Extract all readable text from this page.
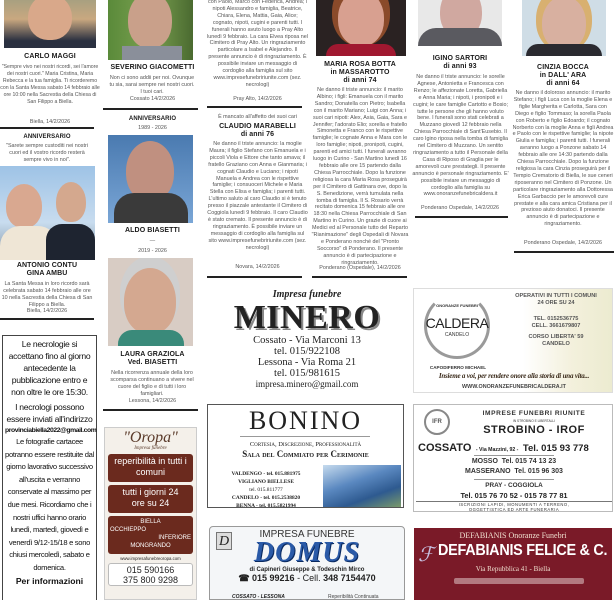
CARLO MAGGI
"Sempre vivo nei nostri ricordi, sei l'amore dei nostri cuori." Maria Cristina, Maria Rebecca e la tua famiglia. Ti ricorderemo con la Santa Messa sabato 14 febbraio alle ore 10:00 nella Sacrestia della Chiesa di San Filippo a Biella.
Biella, 14/2/2026
ANNIVERSARIO
"Sarete sempre custoditi nei nostri cuori ed il vostro ricordo resterà sempre vivo in noi".
ANTONIO CONTU
GINA AMBU
La Santa Messa in loro ricordo sarà celebrata sabato 14 febbraio alle ore 10 nella Sacrestia della Chiesa di San Filippo a Biella.
Biella, 14/2/2026
Le necrologie si accettano fino al giorno antecedente la pubblicazione entro e non oltre le ore 15:30.
I necrologi possono essere inviati all'indirizzo
provinciabiella2022@gmail.com
Le fotografie cartacee potranno essere restituite dal giorno lavorativo successivo all'uscita e verranno conservate al massimo per due mesi. Ricordiamo che i nostri uffici hanno orario lunedì, martedì, giovedì e venerdì 9/12-15/18 e sono chiusi mercoledì, sabato e domenica.
Per informazioni
SEVERINO GIACOMETTI
Non ci sono addii per noi. Ovunque tu sia, sarai sempre nei nostri cuori. I tuoi cari.
Cossato 14/2/2026
ANNIVERSARIO
1989 - 2026
ALDO BIASETTI
—
2019 - 2026
LAURA GRAZIOLA
Ved. BIASETTI
Nella ricorrenza annuale della loro scomparsa continuano a vivere nel cuore del figlio e di tutti i loro famigliari.
Lessona, 14/2/2026
"Oropa"
Impresa funebre
reperibilità in tutti i comuni
tutti i giorni 24 ore su 24
BIELLA
OCCHIEPPO
INFERIORE
MONGRANDO
www.impresafunebreoropa.com
015 590166
375 800 9298
con Paolo, Marco con Federica, Andrea; i nipoti Alessandro e famiglia, Beatrice, Chiara, Elena, Mattia, Gaia, Alice; cognato, nipoti, cugini e parenti tutti. I funerali hanno avuto luogo a Pray Alto lunedì 9 febbraio. La cara Elvea riposa nel Cimitero di Pray Alto. Un ringraziamento particolare a Isabel e Alejandro. Il presente annuncio è di ringraziamento. È possibile inviare un messaggio di cordoglio alla famiglia sul sito www.impresefunebririunite.com (sez. necrologi)
Pray Alto, 14/2/2026
È mancato all'affetto dei suoi cari
CLAUDIO MARABELLI
di anni 76
Ne danno il triste annuncio: la moglie Maura; il figlio Stefano con Emanuela e i piccoli Viola e Ettore che tanto amava; il fratello Graziano con Anna e Gianmaria; i cognati Claudio e Luciano; i nipoti Manuela e Andrea con le rispettive famiglie; i consuoceri Michele e Maria Stella con Elisa e famiglia; i parenti tutti. L'ultimo saluto al caro Claudio si è tenuto presso il piazzale antestante il Cimitero di Coggiola lunedì 9 febbraio. Il caro Claudio è stato cremato. Il presente annuncio è di ringraziamento. È possibile inviare un messaggio di cordoglio alla famiglia sul sito www.impresefunebririunite.com (sez. necrologi)
Novara, 14/2/2026
Impresa funebre
MINERO
Cossato - Via Marconi 13
tel. 015/922108
Lessona - Via Roma 21
tel. 015/981615
impresa.minero@gmail.com
BONINO
Cortesia, Discrezione, Professionalità
Sala del Commiato per Cerimonie
VALDENGO - tel. 015.881975
VIGLIANO BIELLESE
tel. 015.811777
CANDELO - tel. 015.2538820
BENNA - tel. 015.5821994
D	IMPRESA FUNEBRE
DOMUS
di Capineri Giuseppe & Todeschin Mirco
☎ 015 99216 - Cell. 348 7154470
COSSATO - LESSONA	Reperibilità Continuata
MARIA ROSA BOTTA
in MASSAROTTO
di anni 74
Ne danno il triste annuncio: il marito Albino; i figli: Emanuela con il marito Sandro; Donatella con Pietro; Isabella con il marito Mariano; Luigi con Anna; i suoi cari nipoti: Alex, Asia, Gaia, Sara e Jennifer; l'adorato Elio; sorella e fratello Simonetta e Franco con le rispettive famiglie; le cognate Anna e Mara con le loro famiglie; nipoti, pronipoti, cugini, parenti ed amici tutti. I funerali avranno luogo in Curino - San Martino lunedì 16 febbraio alle ore 15 partendo dalla Chiesa Parrocchiale. Dopo la funzione religiosa la cara Maria Rosa proseguirà per il Cimitero di Gattinara ove, dopo la S. Benedizione, verrà tumulata nella tomba di famiglia. Il S. Rosario verrà recitato domenica 15 febbraio alle ore 18:30 nella Chiesa Parrocchiale di San Martino in Curino. Un grazie di cuore ai Medici ed al Personale tutto del Reparto "Rianimazione" degli Ospedali di Novara e Ponderano nonché del "Pronto Soccorso" di Ponderano. Il presente annuncio è di partecipazione e ringraziamento.
Ponderano (Ospedale), 14/2/2026
IGINO SARTORI
di anni 93
Ne danno il triste annuncio: le sorelle Agnese, Antonietta e Francesca con Renzo; le affezionate Loretta, Gabriella e Anna Maria; i nipoti, i pronipoti e i cugini; le care famiglie Cartotto e Bosio; tutte le persone che gli hanno voluto bene. I funerali sono stati celebrati a Muzzano giovedì 12 febbraio nella Chiesa Parrocchiale di Sant'Eusebio. Il caro Igino riposa nella tomba di famiglia nel Cimitero di Muzzano. Un sentito ringraziamento a tutto il Personale della Casa di Riposo di Graglia per le amorevoli cure prestategli. Il presente annuncio è personale ringraziamento. E' possibile inviare un messaggio di cordoglio alla famiglia su www.onoranzefunebricaldera.it
Ponderano Ospedale, 14/2/2026
CINZIA BOCCA
in DALL' ARA
di anni 64
Ne danno il doloroso annuncio: il marito Stefano; i figli Luca con la moglie Elena e figlie Margherita e Carlotta, Sara con Diego e figlio Tommaso; la sorella Paola con Roberto e figlio Edoardo; il cognato Norberto con la moglie Anna e figli Andrea e Paolo con le rispettive famiglie; la nipote Giulia e famiglia; i parenti tutti. I funerali avranno luogo a Ponzone sabato 14 febbraio alle ore 14:30 partendo dalla Chiesa Parrocchiale. Dopo la funzione religiosa la cara Cinzia proseguirà per il Tempio Crematorio di Biella, le sue ceneri riposeranno nel Cimitero di Ponzone. Un particolare ringraziamento alla Dottoressa Erica Garbaccio per le amorevoli cure prestate e alla cara amica Cristiana per il prezioso aiuto donatoci. Il presente annuncio è di partecipazione e ringraziamento.
Ponderano Ospedale, 14/2/2026
ONORANZE FUNEBRI
CALDERA
CANDELO
CAPODIFERRO MICHAEL
OPERATIVI IN TUTTI I COMUNI
24 ORE SU 24
TEL. 0152536775
CELL. 3661679807
CORSO LIBERTA' 59
CANDELO
Insieme a voi, per rendere onore alla storia di una vita...
WWW.ONORANZEFUNEBRICALDERA.IT
IFR
IMPRESE FUNEBRI RIUNITE
IN STROBINO E LIBERTALLI
STROBINO - IROF
COSSATO - Via Mazzini, 92 - Tel. 015 93 778
MOSSO  Tel. 015 74 13 23
MASSERANO  Tel. 015 96 303
PRAY - COGGIOLA
Tel. 015 76 70 52 - 015 78 77 81
ISCRIZIONI LAPIDI, MONUMENTI A TERRENO,
OGGETTISTICA ED ARTE FUNERARIA
DEFABIANIS Onoranze Funebri
ℱ DEFABIANIS FELICE & C.
Via Repubblica 41 - Biella
